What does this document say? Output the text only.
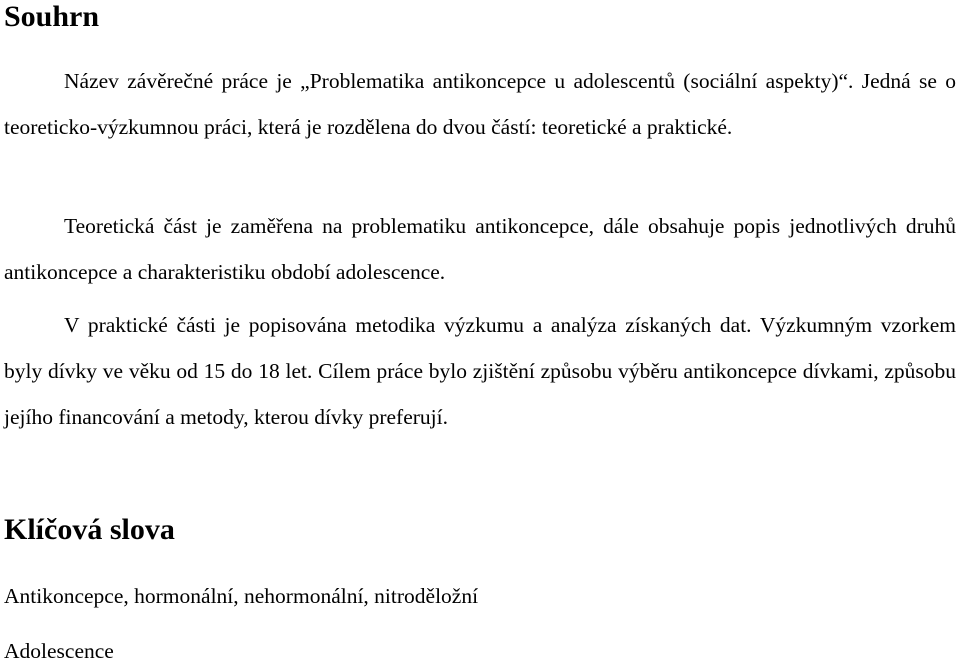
Souhrn

Název závěrečné práce je „Problematika antikoncepce u adolescentů (sociální aspekty)“. Jedná se o teoreticko-výzkumnou práci, která je rozdělena do dvou částí: teoretické a praktické.

Teoretická část je zaměřena na problematiku antikoncepce, dále obsahuje popis jednotlivých druhů antikoncepce a charakteristiku období adolescence.

V praktické části je popisována metodika výzkumu a analýza získaných dat. Výzkumným vzorkem byly dívky ve věku od 15 do 18 let. Cílem práce bylo zjištění způsobu výběru antikoncepce dívkami, způsobu jejího financování a metody, kterou dívky preferují.

Klíčová slova

Antikoncepce, hormonální, nehormonální, nitroděložní

Adolescence
